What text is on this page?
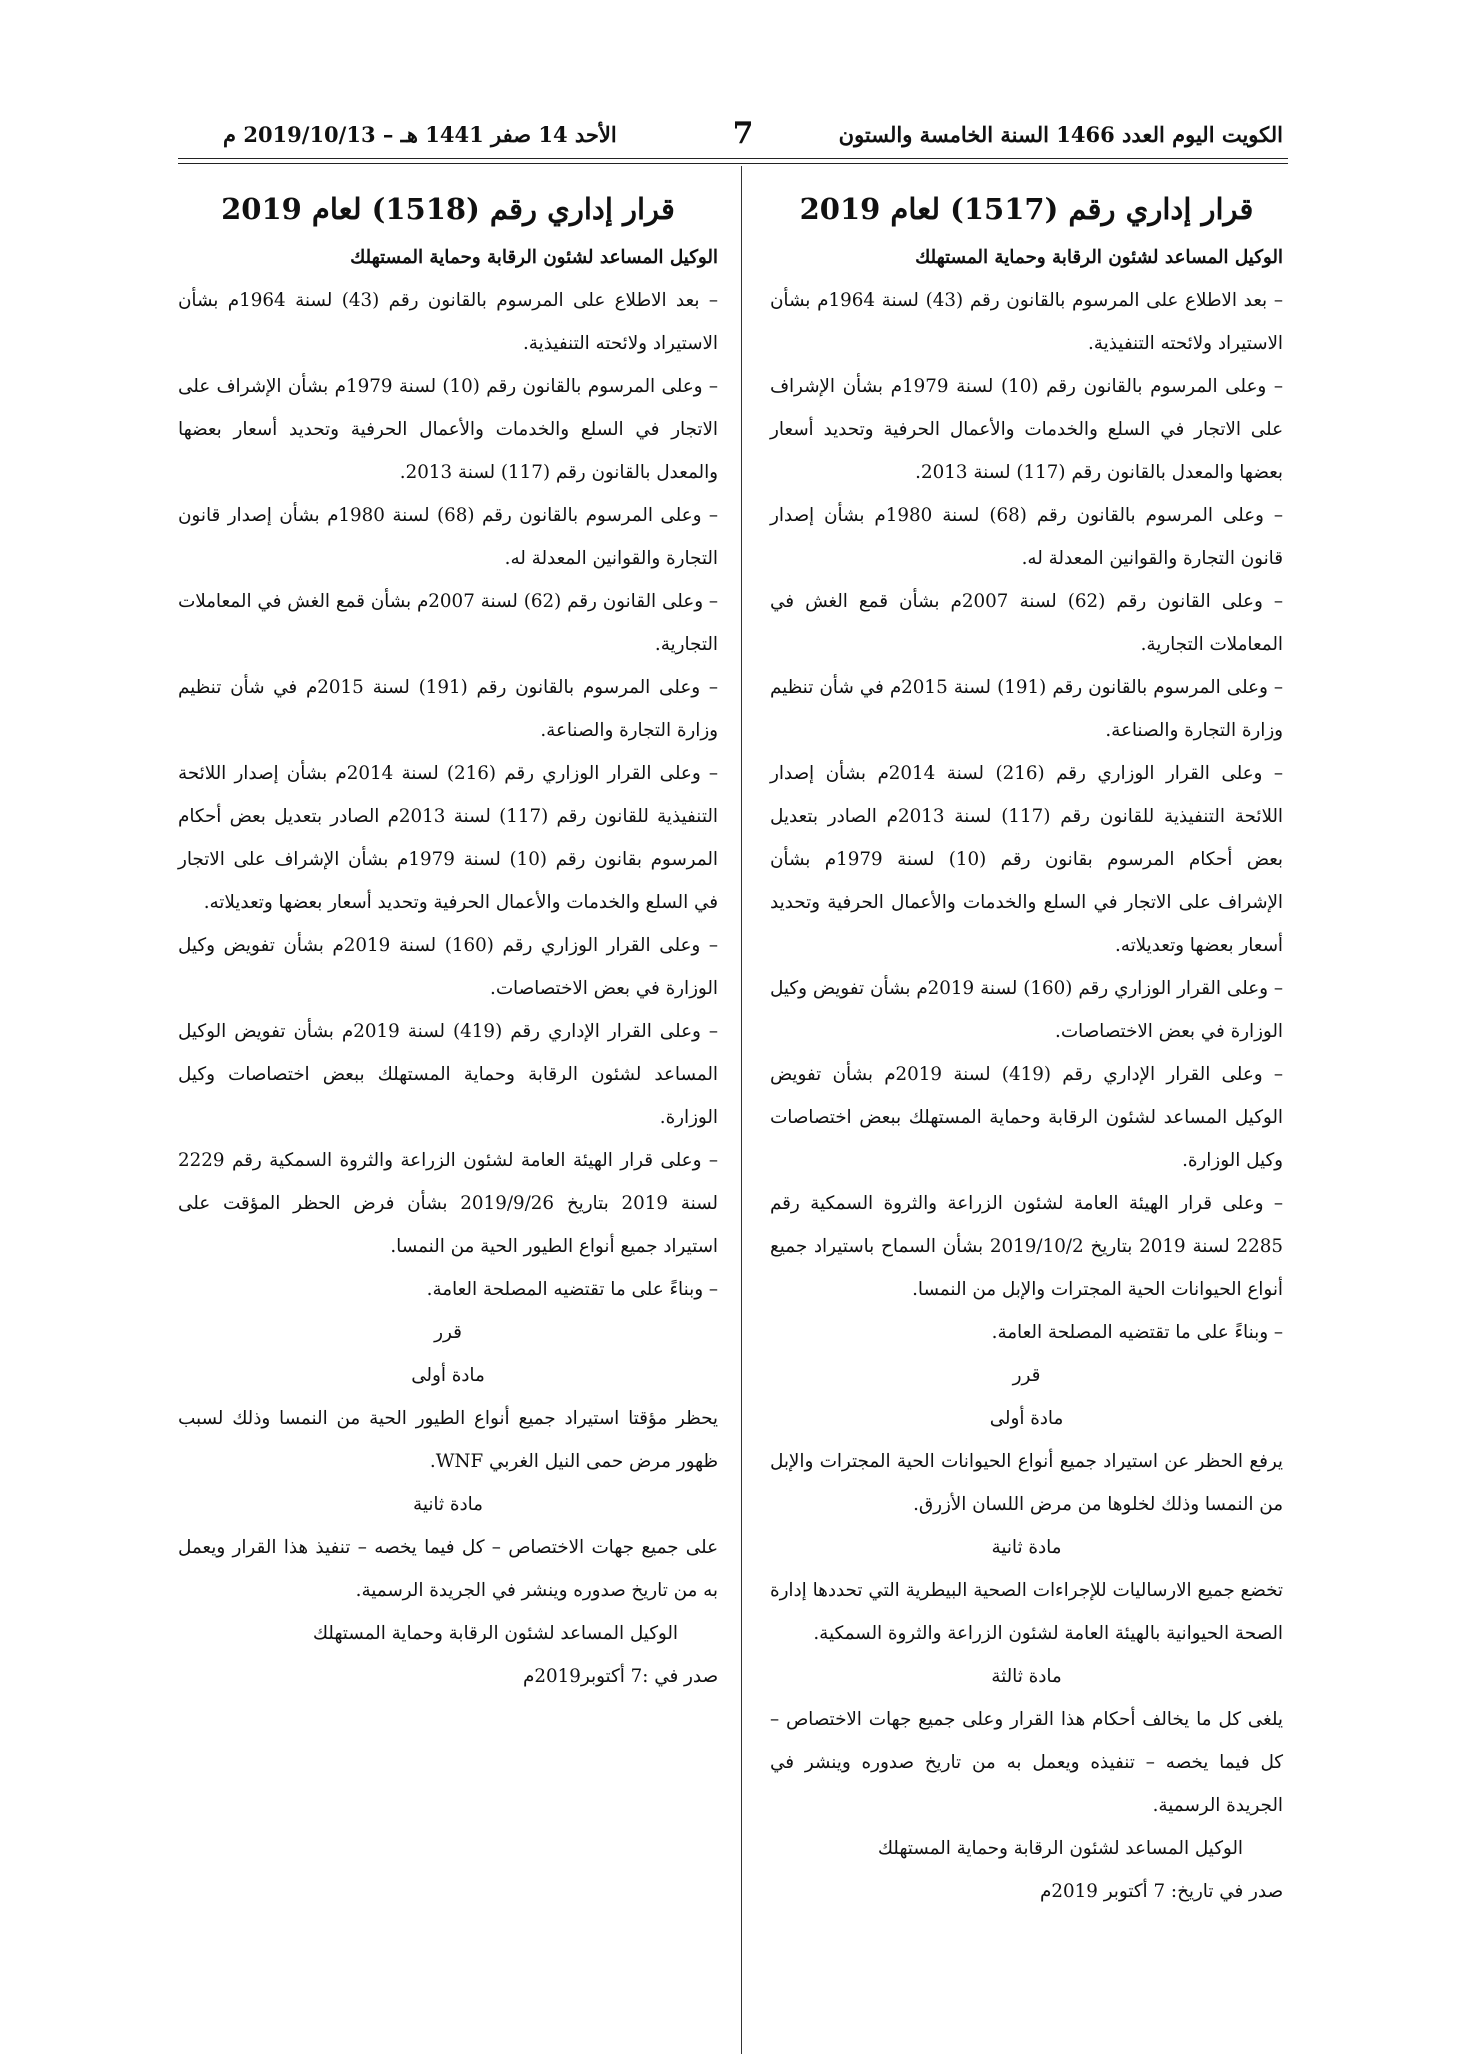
الكويت اليوم العدد 1466 السنة الخامسة والستون
7
الأحد 14 صفر 1441 هـ – 2019/10/13 م
قرار إداري رقم (1517) لعام 2019

الوكيل المساعد لشئون الرقابة وحماية المستهلك

– بعد الاطلاع على المرسوم بالقانون رقم (43) لسنة 1964م بشأن الاستيراد ولائحته التنفيذية.

– وعلى المرسوم بالقانون رقم (10) لسنة 1979م بشأن الإشراف على الاتجار في السلع والخدمات والأعمال الحرفية وتحديد أسعار بعضها والمعدل بالقانون رقم (117) لسنة 2013.

– وعلى المرسوم بالقانون رقم (68) لسنة 1980م بشأن إصدار قانون التجارة والقوانين المعدلة له.

– وعلى القانون رقم (62) لسنة 2007م بشأن قمع الغش في المعاملات التجارية.

– وعلى المرسوم بالقانون رقم (191) لسنة 2015م في شأن تنظيم وزارة التجارة والصناعة.

– وعلى القرار الوزاري رقم (216) لسنة 2014م بشأن إصدار اللائحة التنفيذية للقانون رقم (117) لسنة 2013م الصادر بتعديل بعض أحكام المرسوم بقانون رقم (10) لسنة 1979م بشأن الإشراف على الاتجار في السلع والخدمات والأعمال الحرفية وتحديد أسعار بعضها وتعديلاته.

– وعلى القرار الوزاري رقم (160) لسنة 2019م بشأن تفويض وكيل الوزارة في بعض الاختصاصات.

– وعلى القرار الإداري رقم (419) لسنة 2019م بشأن تفويض الوكيل المساعد لشئون الرقابة وحماية المستهلك ببعض اختصاصات وكيل الوزارة.

– وعلى قرار الهيئة العامة لشئون الزراعة والثروة السمكية رقم 2285 لسنة 2019 بتاريخ 2019/10/2 بشأن السماح باستيراد جميع أنواع الحيوانات الحية المجترات والإبل من النمسا.

– وبناءً على ما تقتضيه المصلحة العامة.

قرر

مادة أولى

يرفع الحظر عن استيراد جميع أنواع الحيوانات الحية المجترات والإبل من النمسا وذلك لخلوها من مرض اللسان الأزرق.

مادة ثانية

تخضع جميع الارساليات للإجراءات الصحية البيطرية التي تحددها إدارة الصحة الحيوانية بالهيئة العامة لشئون الزراعة والثروة السمكية.

مادة ثالثة

يلغى كل ما يخالف أحكام هذا القرار وعلى جميع جهات الاختصاص – كل فيما يخصه – تنفيذه ويعمل به من تاريخ صدوره وينشر في الجريدة الرسمية.

الوكيل المساعد لشئون الرقابة وحماية المستهلك

صدر في تاريخ: 7 أكتوبر 2019م

قرار إداري رقم (1518) لعام 2019

الوكيل المساعد لشئون الرقابة وحماية المستهلك

– بعد الاطلاع على المرسوم بالقانون رقم (43) لسنة 1964م بشأن الاستيراد ولائحته التنفيذية.

– وعلى المرسوم بالقانون رقم (10) لسنة 1979م بشأن الإشراف على الاتجار في السلع والخدمات والأعمال الحرفية وتحديد أسعار بعضها والمعدل بالقانون رقم (117) لسنة 2013.

– وعلى المرسوم بالقانون رقم (68) لسنة 1980م بشأن إصدار قانون التجارة والقوانين المعدلة له.

– وعلى القانون رقم (62) لسنة 2007م بشأن قمع الغش في المعاملات التجارية.

– وعلى المرسوم بالقانون رقم (191) لسنة 2015م في شأن تنظيم وزارة التجارة والصناعة.

– وعلى القرار الوزاري رقم (216) لسنة 2014م بشأن إصدار اللائحة التنفيذية للقانون رقم (117) لسنة 2013م الصادر بتعديل بعض أحكام المرسوم بقانون رقم (10) لسنة 1979م بشأن الإشراف على الاتجار في السلع والخدمات والأعمال الحرفية وتحديد أسعار بعضها وتعديلاته.

– وعلى القرار الوزاري رقم (160) لسنة 2019م بشأن تفويض وكيل الوزارة في بعض الاختصاصات.

– وعلى القرار الإداري رقم (419) لسنة 2019م بشأن تفويض الوكيل المساعد لشئون الرقابة وحماية المستهلك ببعض اختصاصات وكيل الوزارة.

– وعلى قرار الهيئة العامة لشئون الزراعة والثروة السمكية رقم 2229 لسنة 2019 بتاريخ 2019/9/26 بشأن فرض الحظر المؤقت على استيراد جميع أنواع الطيور الحية من النمسا.

– وبناءً على ما تقتضيه المصلحة العامة.

قرر

مادة أولى

يحظر مؤقتا استيراد جميع أنواع الطيور الحية من النمسا وذلك لسبب ظهور مرض حمى النيل الغربي WNF.

مادة ثانية

على جميع جهات الاختصاص – كل فيما يخصه – تنفيذ هذا القرار ويعمل به من تاريخ صدوره وينشر في الجريدة الرسمية.

الوكيل المساعد لشئون الرقابة وحماية المستهلك

صدر في :7 أكتوبر2019م
